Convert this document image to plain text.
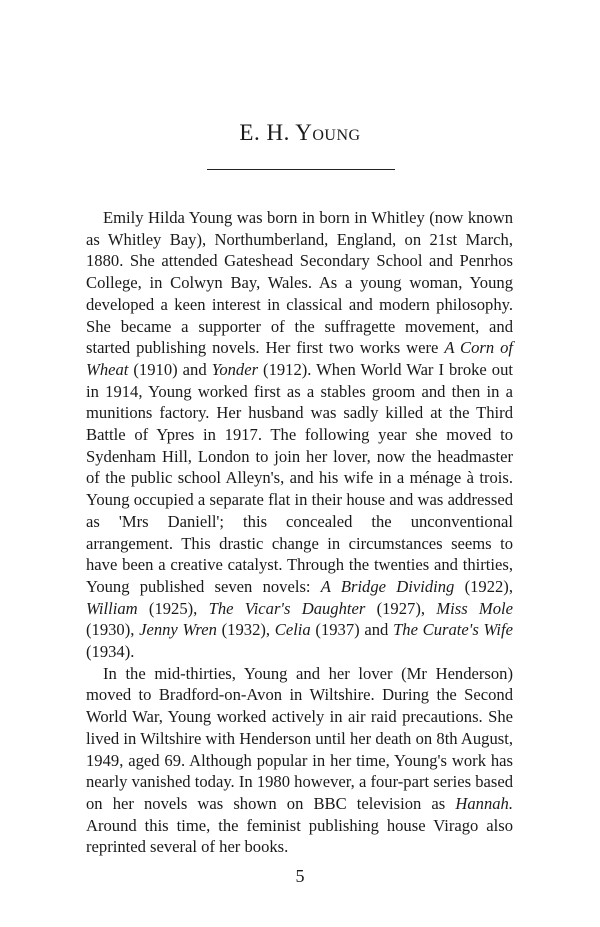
E. H. Young

Emily Hilda Young was born in born in Whitley (now known as Whitley Bay), Northumberland, England, on 21st March, 1880. She attended Gateshead Secondary School and Penrhos College, in Colwyn Bay, Wales. As a young woman, Young developed a keen interest in classical and modern philosophy. She became a supporter of the suffragette movement, and started publishing novels. Her first two works were A Corn of Wheat (1910) and Yonder (1912). When World War I broke out in 1914, Young worked first as a stables groom and then in a munitions factory. Her husband was sadly killed at the Third Battle of Ypres in 1917. The following year she moved to Sydenham Hill, London to join her lover, now the headmaster of the public school Alleyn's, and his wife in a ménage à trois. Young occupied a separate flat in their house and was addressed as 'Mrs Daniell'; this concealed the unconventional arrangement. This drastic change in circumstances seems to have been a creative catalyst. Through the twenties and thirties, Young published seven novels: A Bridge Dividing (1922), William (1925), The Vicar's Daughter (1927), Miss Mole (1930), Jenny Wren (1932), Celia (1937) and The Curate's Wife (1934).

In the mid-thirties, Young and her lover (Mr Henderson) moved to Bradford-on-Avon in Wiltshire. During the Second World War, Young worked actively in air raid precautions. She lived in Wiltshire with Henderson until her death on 8th August, 1949, aged 69. Although popular in her time, Young's work has nearly vanished today. In 1980 however, a four-part series based on her novels was shown on BBC television as Hannah. Around this time, the feminist publishing house Virago also reprinted several of her books.

5
